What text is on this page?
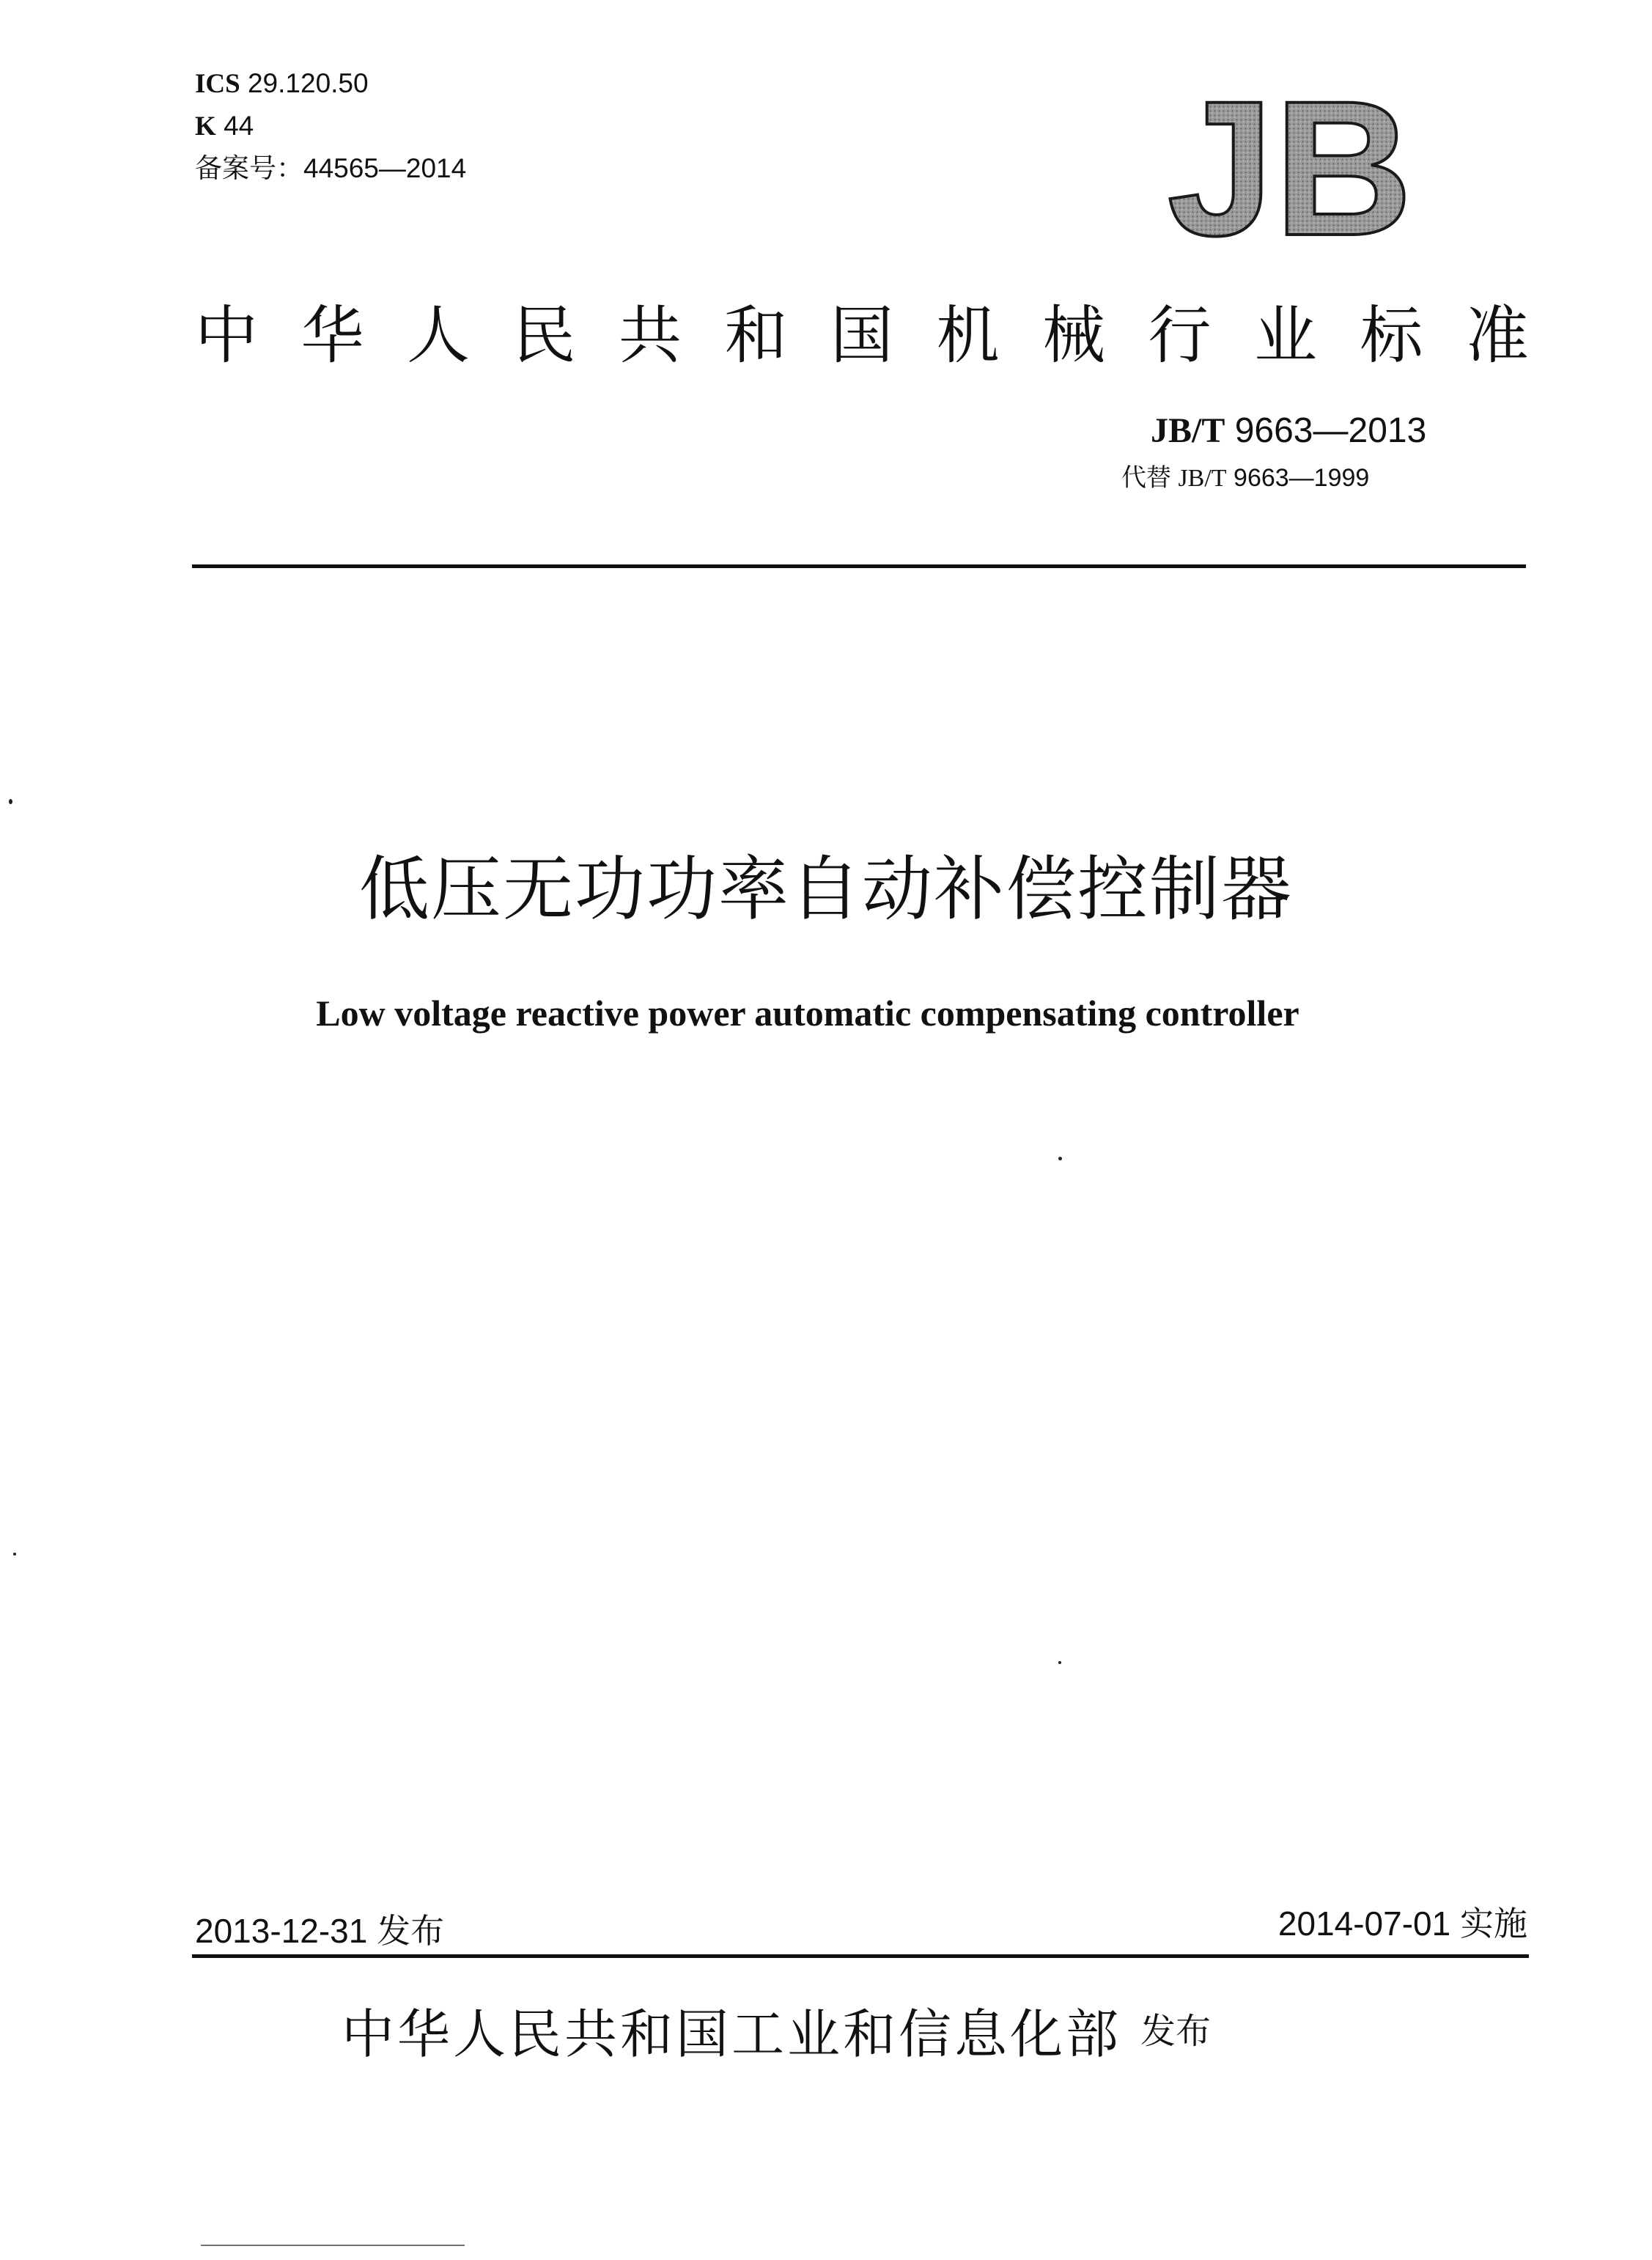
ICS 29.120.50
K 44
备案号：44565—2014	JB
中 华 人 民 共 和 国 机 械 行 业 标 准
JB/T 9663—2013
代替 JB/T 9663—1999
低压无功功率自动补偿控制器
Low voltage reactive power automatic compensating controller
2013-12-31 发布	2014-07-01 实施
中华人民共和国工业和信息化部 发布
